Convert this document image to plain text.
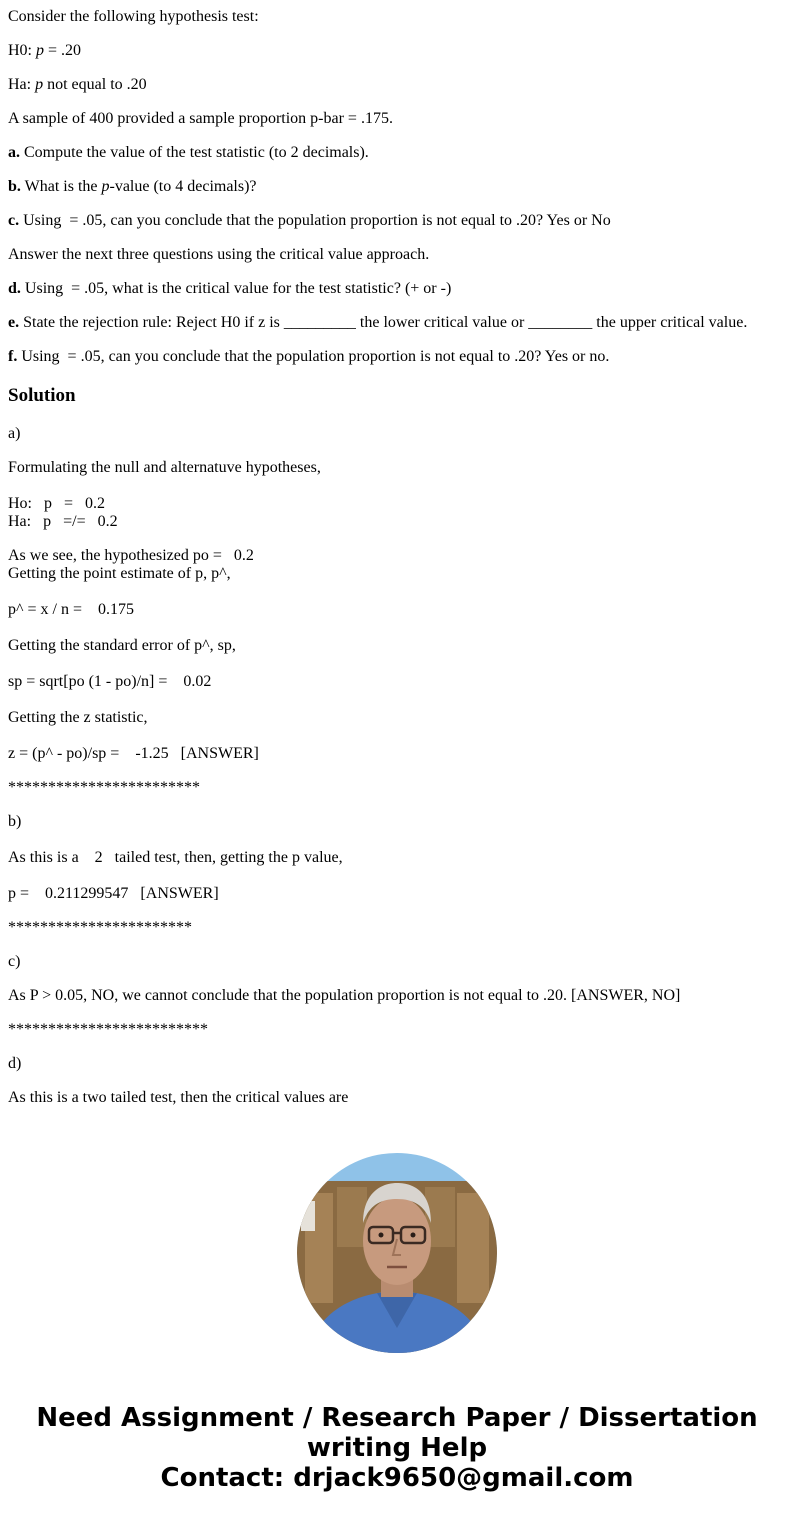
Consider the following hypothesis test:

H0: p = .20

Ha: p not equal to .20

A sample of 400 provided a sample proportion p-bar = .175.

a. Compute the value of the test statistic (to 2 decimals).

b. What is the p-value (to 4 decimals)?

c. Using  = .05, can you conclude that the population proportion is not equal to .20? Yes or No

Answer the next three questions using the critical value approach.

d. Using  = .05, what is the critical value for the test statistic? (+ or -)

e. State the rejection rule: Reject H0 if z is _________ the lower critical value or ________ the upper critical value.

f. Using  = .05, can you conclude that the population proportion is not equal to .20? Yes or no.

Solution

a)

Formulating the null and alternatuve hypotheses,

Ho:   p   =   0.2

Ha:   p   =/=   0.2

As we see, the hypothesized po =   0.2

Getting the point estimate of p, p^,

p^ = x / n =    0.175

Getting the standard error of p^, sp,

sp = sqrt[po (1 - po)/n] =    0.02

Getting the z statistic,

z = (p^ - po)/sp =    -1.25   [ANSWER]

************************

b)

As this is a    2   tailed test, then, getting the p value,

p =    0.211299547   [ANSWER]

***********************

c)

As P > 0.05, NO, we cannot conclude that the population proportion is not equal to .20. [ANSWER, NO]

*************************

d)

As this is a two tailed test, then the critical values are

Need Assignment / Research Paper / Dissertation
writing Help
Contact: drjack9650@gmail.com
